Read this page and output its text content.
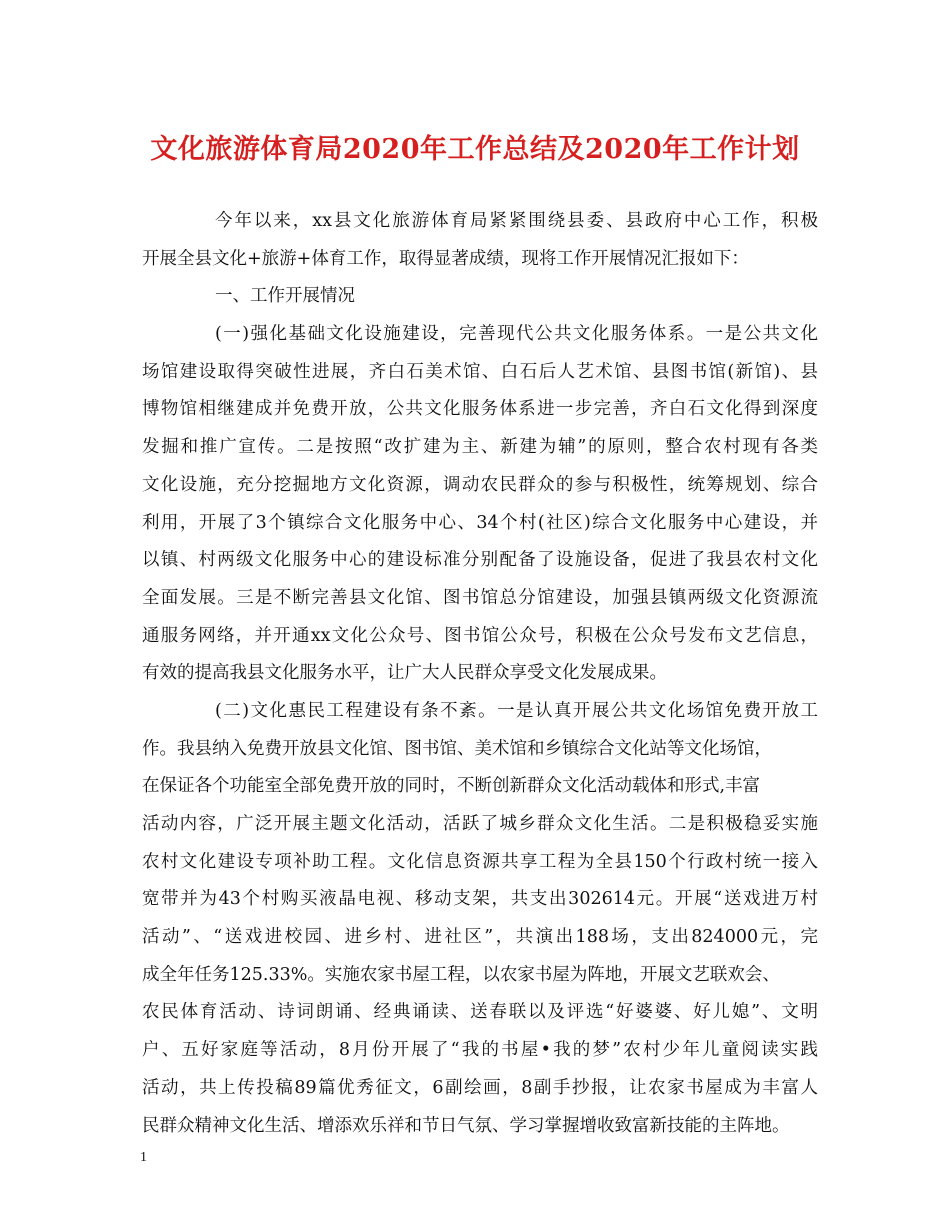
文化旅游体育局2020年工作总结及2020年工作计划
今年以来，xx县文化旅游体育局紧紧围绕县委、县政府中心工作，积极
开展全县文化+旅游+体育工作，取得显著成绩，现将工作开展情况汇报如下：
一、工作开展情况
(一)强化基础文化设施建设，完善现代公共文化服务体系。一是公共文化
场馆建设取得突破性进展，齐白石美术馆、白石后人艺术馆、县图书馆(新馆)、县
博物馆相继建成并免费开放，公共文化服务体系进一步完善，齐白石文化得到深度
发掘和推广宣传。二是按照“改扩建为主、新建为辅”的原则，整合农村现有各类
文化设施，充分挖掘地方文化资源，调动农民群众的参与积极性，统筹规划、综合
利用，开展了3个镇综合文化服务中心、34个村(社区)综合文化服务中心建设，并
以镇、村两级文化服务中心的建设标准分别配备了设施设备，促进了我县农村文化
全面发展。三是不断完善县文化馆、图书馆总分馆建设，加强县镇两级文化资源流
通服务网络，并开通xx文化公众号、图书馆公众号，积极在公众号发布文艺信息，
有效的提高我县文化服务水平，让广大人民群众享受文化发展成果。
(二)文化惠民工程建设有条不紊。一是认真开展公共文化场馆免费开放工
作。我县纳入免费开放县文化馆、图书馆、美术馆和乡镇综合文化站等文化场馆，
在保证各个功能室全部免费开放的同时，不断创新群众文化活动载体和形式,丰富
活动内容，广泛开展主题文化活动，活跃了城乡群众文化生活。二是积极稳妥实施
农村文化建设专项补助工程。文化信息资源共享工程为全县150个行政村统一接入
宽带并为43个村购买液晶电视、移动支架，共支出302614元。开展“送戏进万村
活动”、“送戏进校园、进乡村、进社区”，共演出188场，支出824000元，完
成全年任务125.33%。实施农家书屋工程，以农家书屋为阵地，开展文艺联欢会、
农民体育活动、诗词朗诵、经典诵读、送春联以及评选“好婆婆、好儿媳”、文明
户、五好家庭等活动，8月份开展了“我的书屋•我的梦”农村少年儿童阅读实践
活动，共上传投稿89篇优秀征文，6副绘画，8副手抄报，让农家书屋成为丰富人
民群众精神文化生活、增添欢乐祥和节日气氛、学习掌握增收致富新技能的主阵地。
1
